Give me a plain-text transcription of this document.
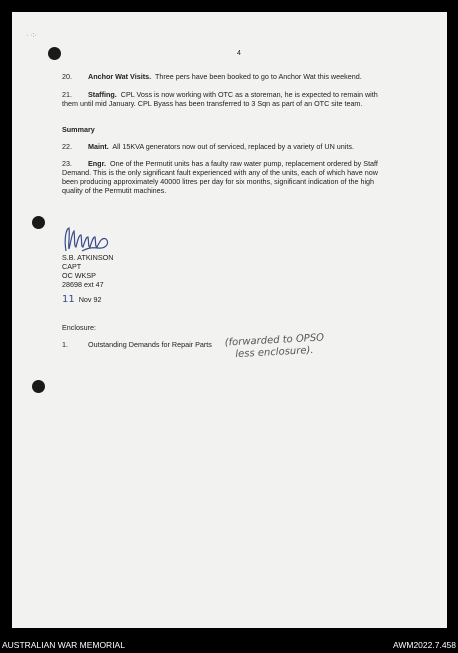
· ·:·
4
20. Anchor Wat Visits. Three pers have been booked to go to Anchor Wat this weekend.
21. Staffing. CPL Voss is now working with OTC as a storeman, he is expected to remain with
them until mid January. CPL Byass has been transferred to 3 Sqn as part of an OTC site team.
Summary
22. Maint. All 15KVA generators now out of serviced, replaced by a variety of UN units.
23. Engr. One of the Permutit units has a faulty raw water pump, replacement ordered by Staff
Demand. This is the only significant fault experienced with any of the units, each of which have now
been producing approximately 40000 litres per day for six months, significant indication of the high
quality of the Permutit machines.
S.B. ATKINSON
CAPT
OC WKSP
28698 ext 47
11 Nov 92
Enclosure:
1.	Outstanding Demands for Repair Parts (forwarded to OPSO
less enclosure).
AUSTRALIAN WAR MEMORIAL	AWM2022.7.458
